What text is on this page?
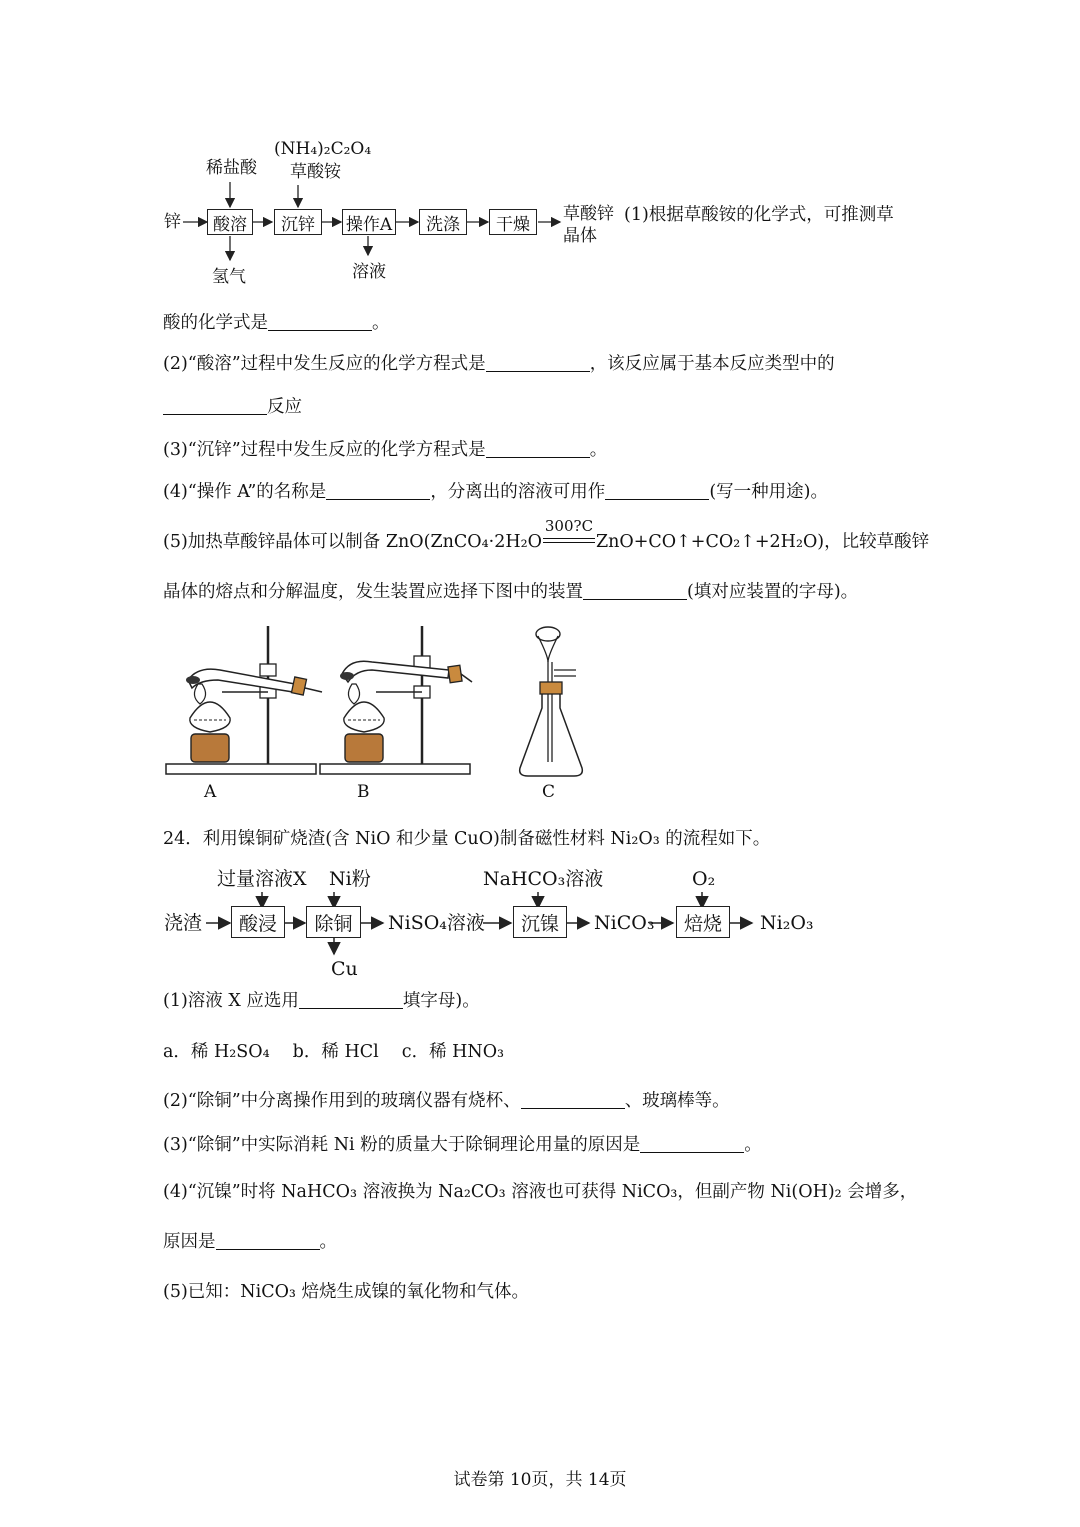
(NH₄)₂C₂O₄
草酸铵
稀盐酸
锌 酸溶 沉锌 操作A 洗涤 干燥
草酸锌
晶体
氢气	溶液
(1)根据草酸铵的化学式，可推测草
酸的化学式是	。
(2)“酸溶”过程中发生反应的化学方程式是	，该反应属于基本反应类型中的
反应
(3)“沉锌”过程中发生反应的化学方程式是	。
(4)“操作 A”的名称是	，分离出的溶液可用作	(写一种用途)。
(5)加热草酸锌晶体可以制备 ZnO(ZnCO₄·2H₂O
300?C
ZnO+CO↑+CO₂↑+2H₂O)，比较草酸锌
晶体的熔点和分解温度，发生装置应选择下图中的装置	(填对应装置的字母)。
A	B	C
24．利用镍铜矿烧渣(含 NiO 和少量 CuO)制备磁性材料 Ni₂O₃ 的流程如下。
过量溶液X Ni粉	NaHCO₃溶液	O₂
浇渣 酸浸 除铜 NiSO₄溶液 沉镍 NiCO₃ 焙烧 Ni₂O₃
Cu
(1)溶液 X 应选用	填字母)。
a．稀 H₂SO₄　 b．稀 HCl　 c．稀 HNO₃
(2)“除铜”中分离操作用到的玻璃仪器有烧杯、	、玻璃棒等。
(3)“除铜”中实际消耗 Ni 粉的质量大于除铜理论用量的原因是	。
(4)“沉镍”时将 NaHCO₃ 溶液换为 Na₂CO₃ 溶液也可获得 NiCO₃，但副产物 Ni(OH)₂ 会增多，
原因是	。
(5)已知：NiCO₃ 焙烧生成镍的氧化物和气体。
试卷第 10页，共 14页
